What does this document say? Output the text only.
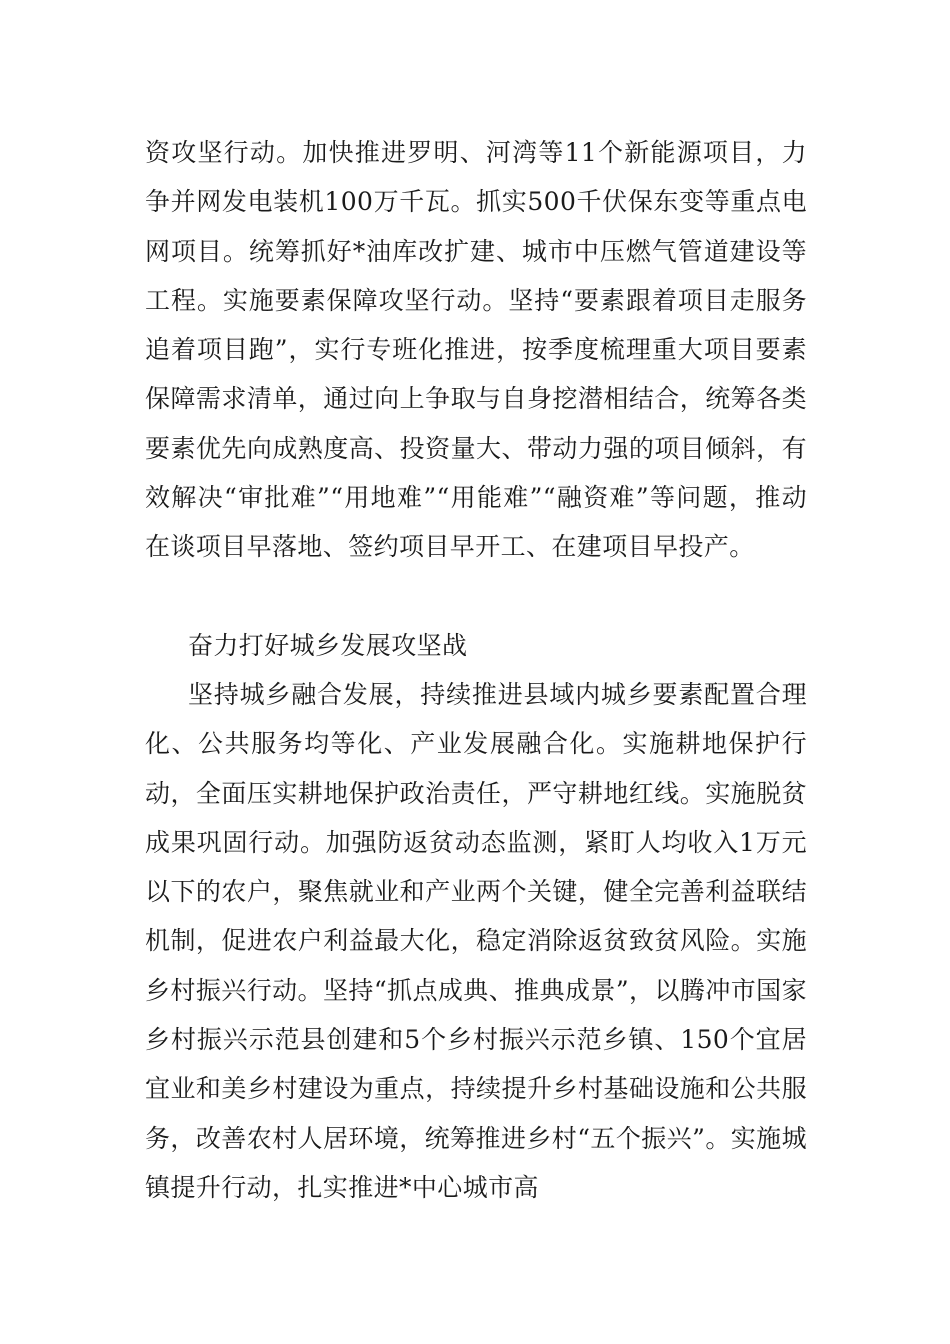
资攻坚行动。加快推进罗明、河湾等11个新能源项目，力争并网发电装机100万千瓦。抓实500千伏保东变等重点电网项目。统筹抓好*油库改扩建、城市中压燃气管道建设等工程。实施要素保障攻坚行动。坚持“要素跟着项目走服务追着项目跑”，实行专班化推进，按季度梳理重大项目要素保障需求清单，通过向上争取与自身挖潜相结合，统筹各类要素优先向成熟度高、投资量大、带动力强的项目倾斜，有效解决“审批难”“用地难”“用能难”“融资难”等问题，推动在谈项目早落地、签约项目早开工、在建项目早投产。

奋力打好城乡发展攻坚战

坚持城乡融合发展，持续推进县域内城乡要素配置合理化、公共服务均等化、产业发展融合化。实施耕地保护行动，全面压实耕地保护政治责任，严守耕地红线。实施脱贫成果巩固行动。加强防返贫动态监测，紧盯人均收入1万元以下的农户，聚焦就业和产业两个关键，健全完善利益联结机制，促进农户利益最大化，稳定消除返贫致贫风险。实施乡村振兴行动。坚持“抓点成典、推典成景”，以腾冲市国家乡村振兴示范县创建和5个乡村振兴示范乡镇、150个宜居宜业和美乡村建设为重点，持续提升乡村基础设施和公共服务，改善农村人居环境，统筹推进乡村“五个振兴”。实施城镇提升行动，扎实推进*中心城市高
